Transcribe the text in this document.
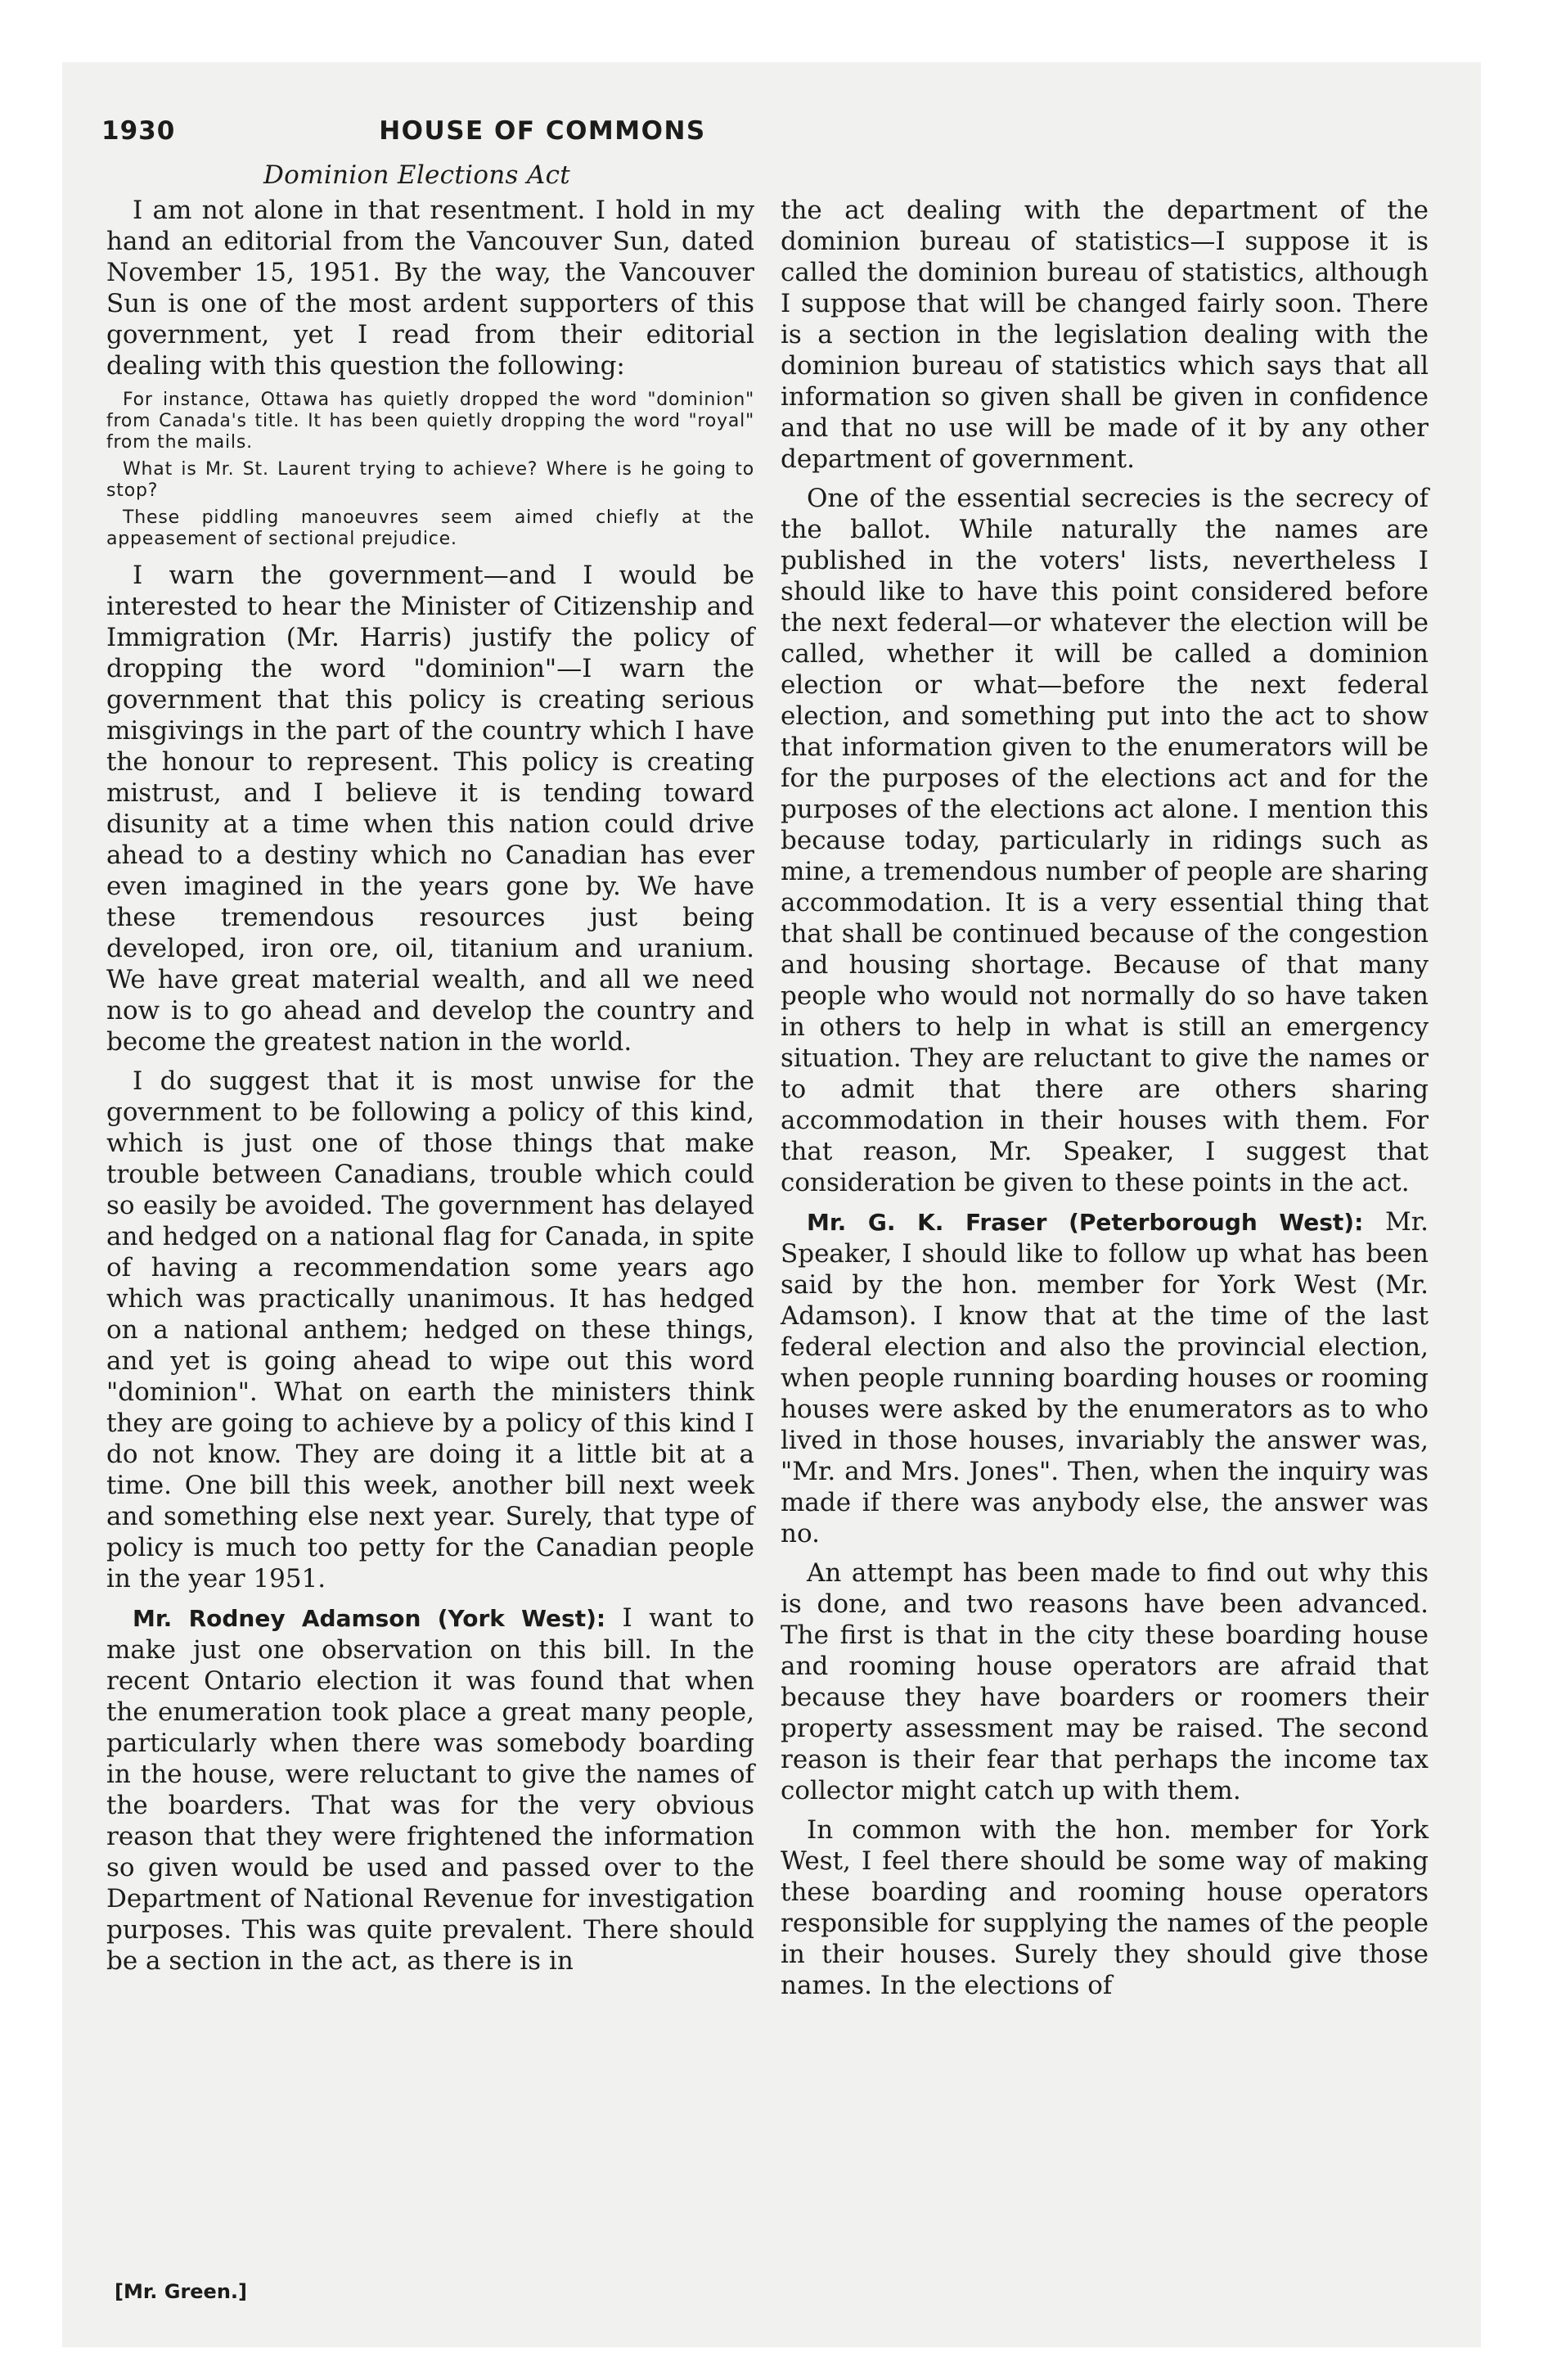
1930	HOUSE OF COMMONS
Dominion Elections Act

I am not alone in that resentment. I hold in my hand an editorial from the Vancouver Sun, dated November 15, 1951. By the way, the Vancouver Sun is one of the most ardent supporters of this government, yet I read from their editorial dealing with this question the following:

For instance, Ottawa has quietly dropped the word "dominion" from Canada's title. It has been quietly dropping the word "royal" from the mails.

What is Mr. St. Laurent trying to achieve? Where is he going to stop?

These piddling manoeuvres seem aimed chiefly at the appeasement of sectional prejudice.

I warn the government—and I would be interested to hear the Minister of Citizenship and Immigration (Mr. Harris) justify the policy of dropping the word "dominion"—I warn the government that this policy is creating serious misgivings in the part of the country which I have the honour to represent. This policy is creating mistrust, and I believe it is tending toward disunity at a time when this nation could drive ahead to a destiny which no Canadian has ever even imagined in the years gone by. We have these tremendous resources just being developed, iron ore, oil, titanium and uranium. We have great material wealth, and all we need now is to go ahead and develop the country and become the greatest nation in the world.

I do suggest that it is most unwise for the government to be following a policy of this kind, which is just one of those things that make trouble between Canadians, trouble which could so easily be avoided. The government has delayed and hedged on a national flag for Canada, in spite of having a recommendation some years ago which was practically unanimous. It has hedged on a national anthem; hedged on these things, and yet is going ahead to wipe out this word "dominion". What on earth the ministers think they are going to achieve by a policy of this kind I do not know. They are doing it a little bit at a time. One bill this week, another bill next week and something else next year. Surely, that type of policy is much too petty for the Canadian people in the year 1951.

Mr. Rodney Adamson (York West): I want to make just one observation on this bill. In the recent Ontario election it was found that when the enumeration took place a great many people, particularly when there was somebody boarding in the house, were reluctant to give the names of the boarders. That was for the very obvious reason that they were frightened the information so given would be used and passed over to the Department of National Revenue for investigation purposes. This was quite prevalent. There should be a section in the act, as there is in

the act dealing with the department of the dominion bureau of statistics—I suppose it is called the dominion bureau of statistics, although I suppose that will be changed fairly soon. There is a section in the legislation dealing with the dominion bureau of statistics which says that all information so given shall be given in confidence and that no use will be made of it by any other department of government.

One of the essential secrecies is the secrecy of the ballot. While naturally the names are published in the voters' lists, nevertheless I should like to have this point considered before the next federal—or whatever the election will be called, whether it will be called a dominion election or what—before the next federal election, and something put into the act to show that information given to the enumerators will be for the purposes of the elections act and for the purposes of the elections act alone. I mention this because today, particularly in ridings such as mine, a tremendous number of people are sharing accommodation. It is a very essential thing that that shall be continued because of the congestion and housing shortage. Because of that many people who would not normally do so have taken in others to help in what is still an emergency situation. They are reluctant to give the names or to admit that there are others sharing accommodation in their houses with them. For that reason, Mr. Speaker, I suggest that consideration be given to these points in the act.

Mr. G. K. Fraser (Peterborough West): Mr. Speaker, I should like to follow up what has been said by the hon. member for York West (Mr. Adamson). I know that at the time of the last federal election and also the provincial election, when people running boarding houses or rooming houses were asked by the enumerators as to who lived in those houses, invariably the answer was, "Mr. and Mrs. Jones". Then, when the inquiry was made if there was anybody else, the answer was no.

An attempt has been made to find out why this is done, and two reasons have been advanced. The first is that in the city these boarding house and rooming house operators are afraid that because they have boarders or roomers their property assessment may be raised. The second reason is their fear that perhaps the income tax collector might catch up with them.

In common with the hon. member for York West, I feel there should be some way of making these boarding and rooming house operators responsible for supplying the names of the people in their houses. Surely they should give those names. In the elections of

[Mr. Green.]
